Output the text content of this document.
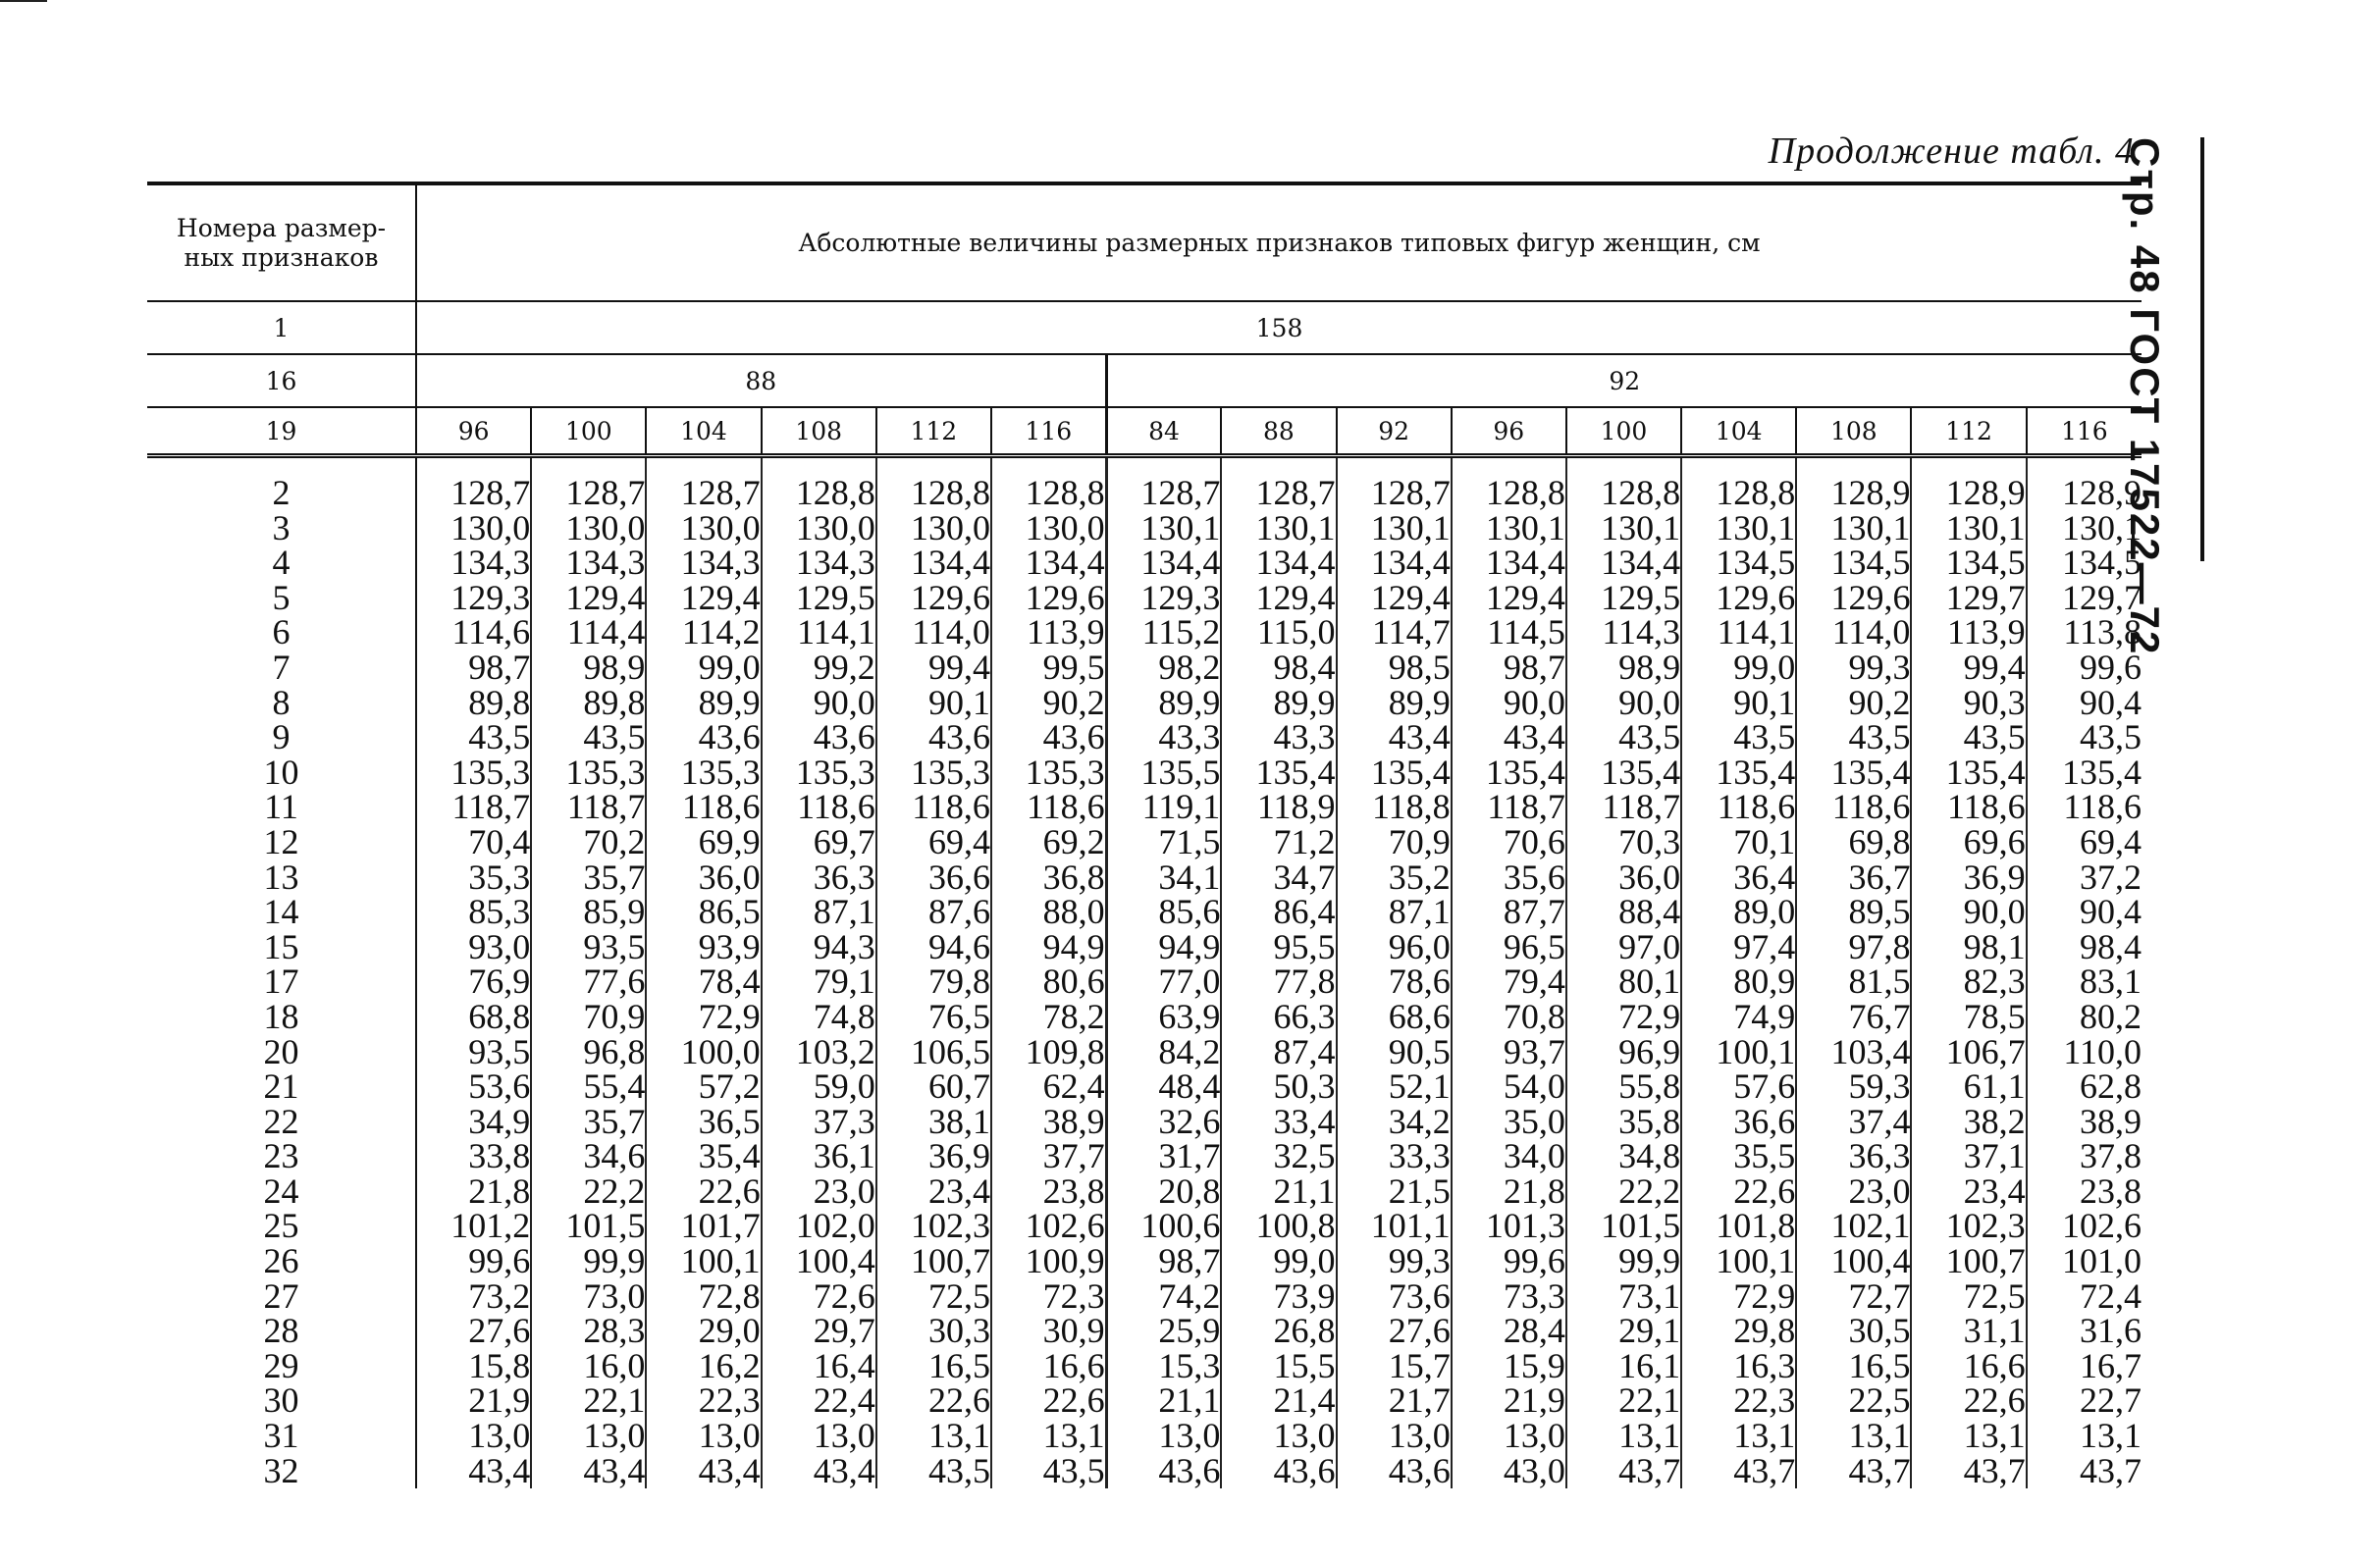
Продолжение табл. 4
Стр. 48 ГОСТ 17522—72
Номера размер-
ных признаков	Абсолютные величины размерных признаков типовых фигур женщин, см														
1	158														
16	88						92								
19	96	100	104	108	112	116	84	88	92	96	100	104	108	112	116
2	128,7	128,7	128,7	128,8	128,8	128,8	128,7	128,7	128,7	128,8	128,8	128,8	128,9	128,9	128,9
3	130,0	130,0	130,0	130,0	130,0	130,0	130,1	130,1	130,1	130,1	130,1	130,1	130,1	130,1	130,1
4	134,3	134,3	134,3	134,3	134,4	134,4	134,4	134,4	134,4	134,4	134,4	134,5	134,5	134,5	134,5
5	129,3	129,4	129,4	129,5	129,6	129,6	129,3	129,4	129,4	129,4	129,5	129,6	129,6	129,7	129,7
6	114,6	114,4	114,2	114,1	114,0	113,9	115,2	115,0	114,7	114,5	114,3	114,1	114,0	113,9	113,8
7	98,7	98,9	99,0	99,2	99,4	99,5	98,2	98,4	98,5	98,7	98,9	99,0	99,3	99,4	99,6
8	89,8	89,8	89,9	90,0	90,1	90,2	89,9	89,9	89,9	90,0	90,0	90,1	90,2	90,3	90,4
9	43,5	43,5	43,6	43,6	43,6	43,6	43,3	43,3	43,4	43,4	43,5	43,5	43,5	43,5	43,5
10	135,3	135,3	135,3	135,3	135,3	135,3	135,5	135,4	135,4	135,4	135,4	135,4	135,4	135,4	135,4
11	118,7	118,7	118,6	118,6	118,6	118,6	119,1	118,9	118,8	118,7	118,7	118,6	118,6	118,6	118,6
12	70,4	70,2	69,9	69,7	69,4	69,2	71,5	71,2	70,9	70,6	70,3	70,1	69,8	69,6	69,4
13	35,3	35,7	36,0	36,3	36,6	36,8	34,1	34,7	35,2	35,6	36,0	36,4	36,7	36,9	37,2
14	85,3	85,9	86,5	87,1	87,6	88,0	85,6	86,4	87,1	87,7	88,4	89,0	89,5	90,0	90,4
15	93,0	93,5	93,9	94,3	94,6	94,9	94,9	95,5	96,0	96,5	97,0	97,4	97,8	98,1	98,4
17	76,9	77,6	78,4	79,1	79,8	80,6	77,0	77,8	78,6	79,4	80,1	80,9	81,5	82,3	83,1
18	68,8	70,9	72,9	74,8	76,5	78,2	63,9	66,3	68,6	70,8	72,9	74,9	76,7	78,5	80,2
20	93,5	96,8	100,0	103,2	106,5	109,8	84,2	87,4	90,5	93,7	96,9	100,1	103,4	106,7	110,0
21	53,6	55,4	57,2	59,0	60,7	62,4	48,4	50,3	52,1	54,0	55,8	57,6	59,3	61,1	62,8
22	34,9	35,7	36,5	37,3	38,1	38,9	32,6	33,4	34,2	35,0	35,8	36,6	37,4	38,2	38,9
23	33,8	34,6	35,4	36,1	36,9	37,7	31,7	32,5	33,3	34,0	34,8	35,5	36,3	37,1	37,8
24	21,8	22,2	22,6	23,0	23,4	23,8	20,8	21,1	21,5	21,8	22,2	22,6	23,0	23,4	23,8
25	101,2	101,5	101,7	102,0	102,3	102,6	100,6	100,8	101,1	101,3	101,5	101,8	102,1	102,3	102,6
26	99,6	99,9	100,1	100,4	100,7	100,9	98,7	99,0	99,3	99,6	99,9	100,1	100,4	100,7	101,0
27	73,2	73,0	72,8	72,6	72,5	72,3	74,2	73,9	73,6	73,3	73,1	72,9	72,7	72,5	72,4
28	27,6	28,3	29,0	29,7	30,3	30,9	25,9	26,8	27,6	28,4	29,1	29,8	30,5	31,1	31,6
29	15,8	16,0	16,2	16,4	16,5	16,6	15,3	15,5	15,7	15,9	16,1	16,3	16,5	16,6	16,7
30	21,9	22,1	22,3	22,4	22,6	22,6	21,1	21,4	21,7	21,9	22,1	22,3	22,5	22,6	22,7
31	13,0	13,0	13,0	13,0	13,1	13,1	13,0	13,0	13,0	13,0	13,1	13,1	13,1	13,1	13,1
32	43,4	43,4	43,4	43,4	43,5	43,5	43,6	43,6	43,6	43,0	43,7	43,7	43,7	43,7	43,7
